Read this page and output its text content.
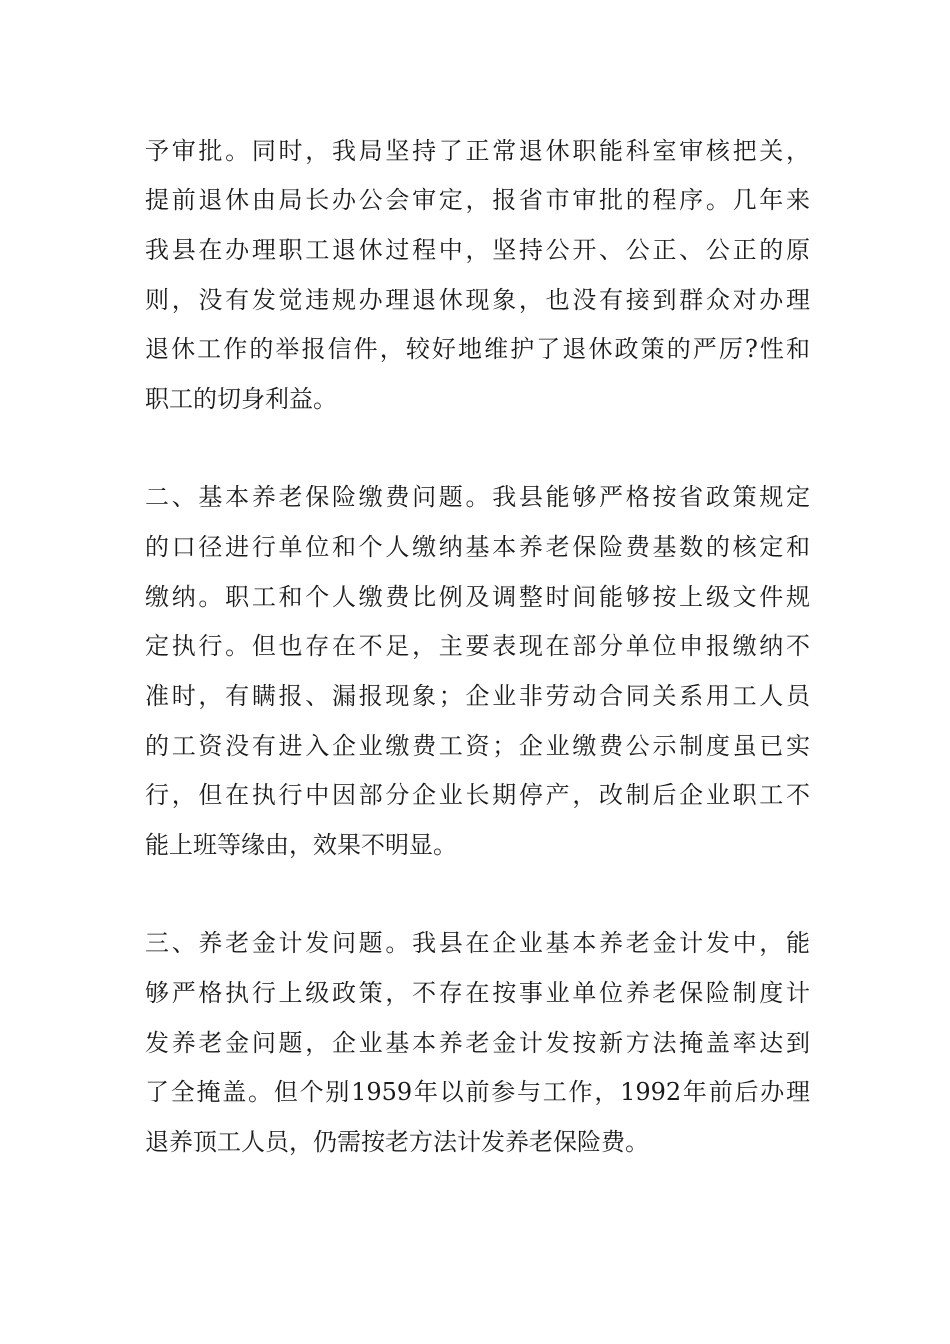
予审批。同时，我局坚持了正常退休职能科室审核把关，
提前退休由局长办公会审定，报省市审批的程序。几年来
我县在办理职工退休过程中，坚持公开、公正、公正的原
则，没有发觉违规办理退休现象，也没有接到群众对办理
退休工作的举报信件，较好地维护了退休政策的严厉?性和
职工的切身利益。
二、基本养老保险缴费问题。我县能够严格按省政策规定
的口径进行单位和个人缴纳基本养老保险费基数的核定和
缴纳。职工和个人缴费比例及调整时间能够按上级文件规
定执行。但也存在不足，主要表现在部分单位申报缴纳不
准时，有瞒报、漏报现象；企业非劳动合同关系用工人员
的工资没有进入企业缴费工资；企业缴费公示制度虽已实
行，但在执行中因部分企业长期停产，改制后企业职工不
能上班等缘由，效果不明显。
三、养老金计发问题。我县在企业基本养老金计发中，能
够严格执行上级政策，不存在按事业单位养老保险制度计
发养老金问题，企业基本养老金计发按新方法掩盖率达到
了全掩盖。但个别1959年以前参与工作，1992年前后办理
退养顶工人员，仍需按老方法计发养老保险费。
